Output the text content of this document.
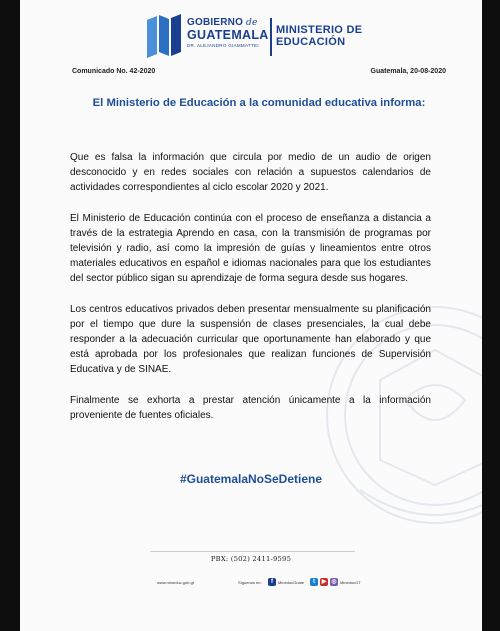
GOBIERNO de
GUATEMALA
DR. ALEJANDRO GIAMMATTEI
MINISTERIO DE
EDUCACIÓN
Comunicado No. 42-2020	Guatemala, 20-08-2020
El Ministerio de Educación a la comunidad educativa informa:

Que es falsa la información que circula por medio de un audio de origen desconocido y en redes sociales con relación a supuestos calendarios de actividades correspondientes al ciclo escolar 2020 y 2021.

El Ministerio de Educación continúa con el proceso de enseñanza a distancia a través de la estrategia Aprendo en casa, con la transmisión de programas por televisión y radio, así como la impresión de guías y lineamientos entre otros materiales educativos en español e idiomas nacionales para que los estudiantes del sector público sigan su aprendizaje de forma segura desde sus hogares.

Los centros educativos privados deben presentar mensualmente su planificación por el tiempo que dure la suspensión de clases presenciales, la cual debe responder a la adecuación curricular que oportunamente han elaborado y que está aprobada por los profesionales que realizan funciones de Supervisión Educativa y de SINAE.

Finalmente se exhorta a prestar atención únicamente a la información proveniente de fuentes oficiales.

#GuatemalaNoSeDetiene
PBX: (502) 2411-9595
www.mineduc.gob.gt	Síguenos en:	f	MineducGuate	t	▶ ◎ MineducGT
